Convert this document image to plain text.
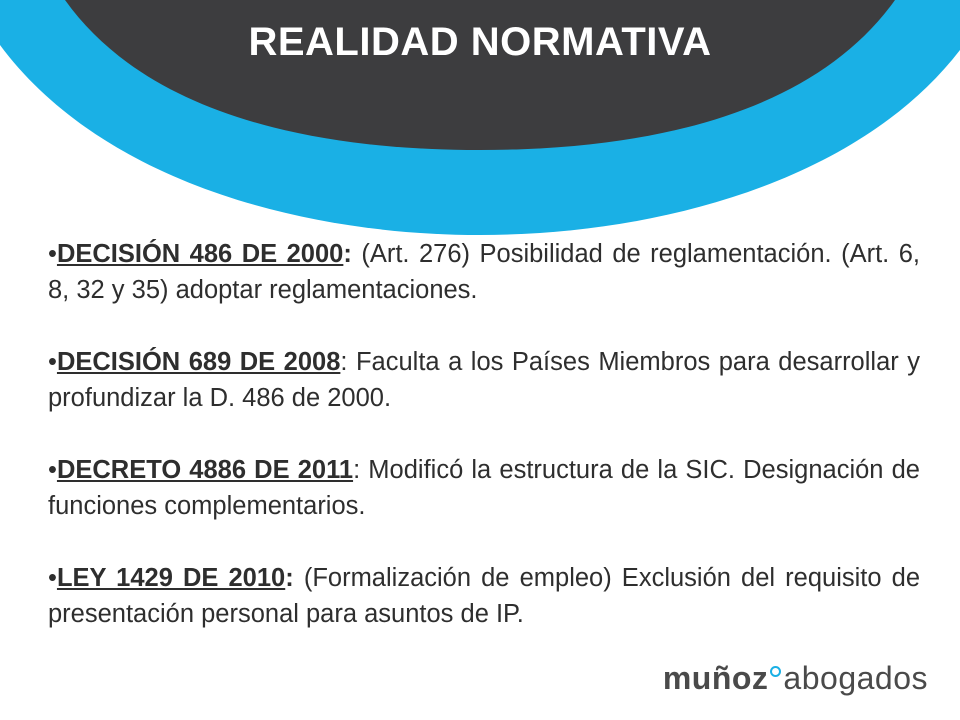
REALIDAD NORMATIVA

•DECISIÓN 486 DE 2000: (Art. 276) Posibilidad de reglamentación. (Art. 6, 8, 32 y 35) adoptar reglamentaciones.

•DECISIÓN 689 DE 2008: Faculta a los Países Miembros para desarrollar y profundizar la D. 486 de 2000.

•DECRETO 4886 DE 2011: Modificó la estructura de la SIC. Designación de funciones complementarios.

•LEY 1429 DE 2010: (Formalización de empleo) Exclusión del requisito de presentación personal para asuntos de IP.

muñoz abogados
